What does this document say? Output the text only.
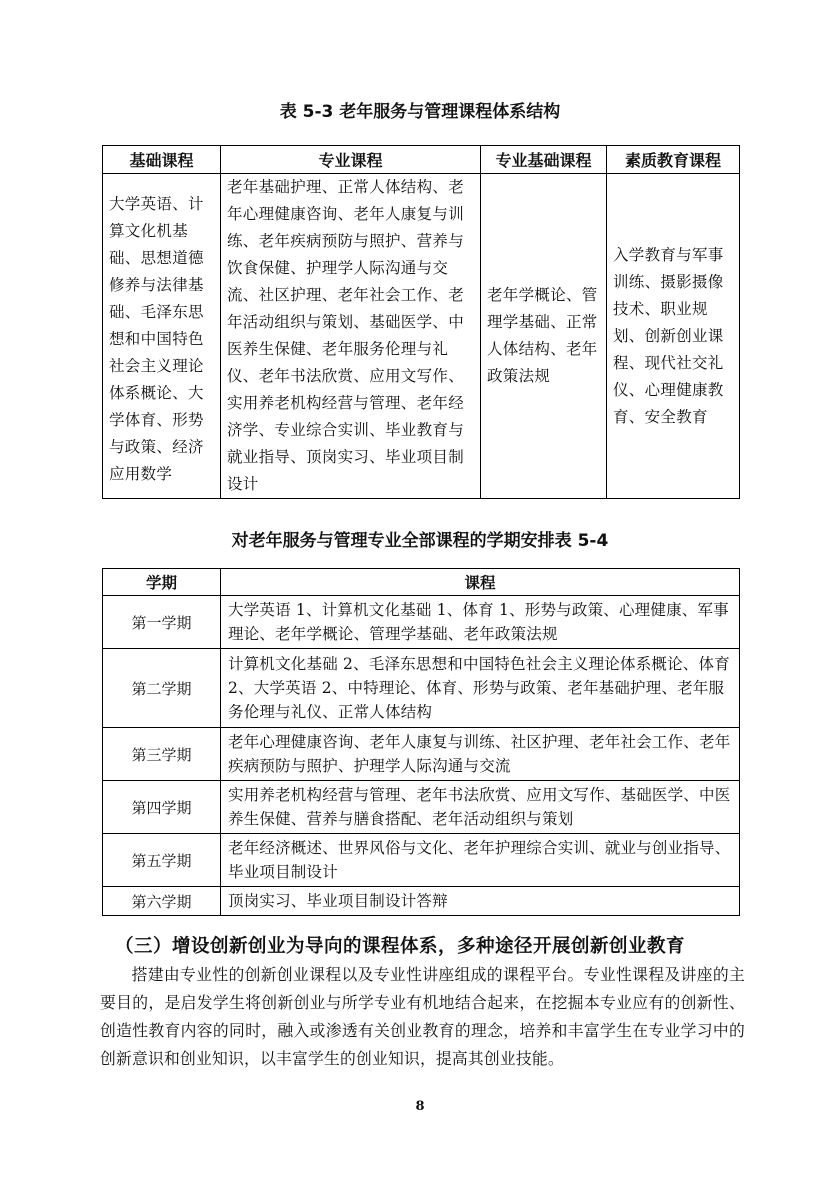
表 5-3 老年服务与管理课程体系结构
基础课程	专业课程	专业基础课程	素质教育课程
大学英语、计算文化机基础、思想道德修养与法律基础、毛泽东思想和中国特色社会主义理论体系概论、大学体育、形势与政策、经济应用数学	老年基础护理、正常人体结构、老年心理健康咨询、老年人康复与训练、老年疾病预防与照护、营养与饮食保健、护理学人际沟通与交流、社区护理、老年社会工作、老年活动组织与策划、基础医学、中医养生保健、老年服务伦理与礼仪、老年书法欣赏、应用文写作、实用养老机构经营与管理、老年经济学、专业综合实训、毕业教育与就业指导、顶岗实习、毕业项目制设计	老年学概论、管理学基础、正常人体结构、老年政策法规	入学教育与军事训练、摄影摄像技术、职业规划、创新创业课程、现代社交礼仪、心理健康教育、安全教育
对老年服务与管理专业全部课程的学期安排表 5-4
学期	课程
第一学期	大学英语 1、计算机文化基础 1、体育 1、形势与政策、心理健康、军事理论、老年学概论、管理学基础、老年政策法规
第二学期	计算机文化基础 2、毛泽东思想和中国特色社会主义理论体系概论、体育 2、大学英语 2、中特理论、体育、形势与政策、老年基础护理、老年服务伦理与礼仪、正常人体结构
第三学期	老年心理健康咨询、老年人康复与训练、社区护理、老年社会工作、老年疾病预防与照护、护理学人际沟通与交流
第四学期	实用养老机构经营与管理、老年书法欣赏、应用文写作、基础医学、中医养生保健、营养与膳食搭配、老年活动组织与策划
第五学期	老年经济概述、世界风俗与文化、老年护理综合实训、就业与创业指导、毕业项目制设计
第六学期	顶岗实习、毕业项目制设计答辩
（三）增设创新创业为导向的课程体系，多种途径开展创新创业教育

搭建由专业性的创新创业课程以及专业性讲座组成的课程平台。专业性课程及讲座的主要目的，是启发学生将创新创业与所学专业有机地结合起来，在挖掘本专业应有的创新性、创造性教育内容的同时，融入或渗透有关创业教育的理念，培养和丰富学生在专业学习中的创新意识和创业知识，以丰富学生的创业知识，提高其创业技能。

8
